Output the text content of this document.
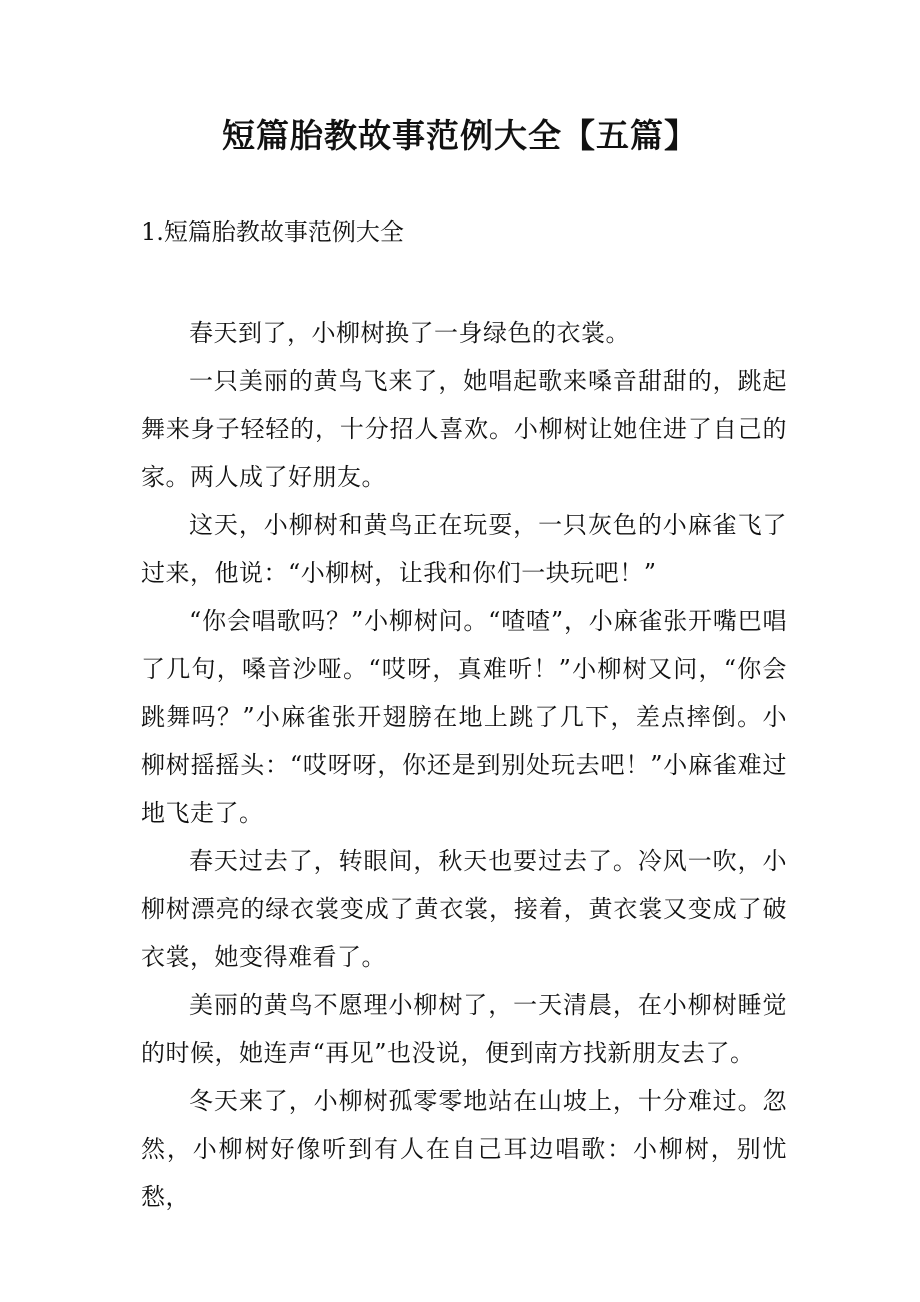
短篇胎教故事范例大全【五篇】
1.短篇胎教故事范例大全

春天到了，小柳树换了一身绿色的衣裳。

一只美丽的黄鸟飞来了，她唱起歌来嗓音甜甜的，跳起舞来身子轻轻的，十分招人喜欢。小柳树让她住进了自己的家。两人成了好朋友。

这天，小柳树和黄鸟正在玩耍，一只灰色的小麻雀飞了过来，他说：“小柳树，让我和你们一块玩吧！”

“你会唱歌吗？”小柳树问。“喳喳”，小麻雀张开嘴巴唱了几句，嗓音沙哑。“哎呀，真难听！”小柳树又问，“你会跳舞吗？”小麻雀张开翅膀在地上跳了几下，差点摔倒。小柳树摇摇头：“哎呀呀，你还是到别处玩去吧！”小麻雀难过地飞走了。

春天过去了，转眼间，秋天也要过去了。冷风一吹，小柳树漂亮的绿衣裳变成了黄衣裳，接着，黄衣裳又变成了破衣裳，她变得难看了。

美丽的黄鸟不愿理小柳树了，一天清晨，在小柳树睡觉的时候，她连声“再见”也没说，便到南方找新朋友去了。

冬天来了，小柳树孤零零地站在山坡上，十分难过。忽然，小柳树好像听到有人在自己耳边唱歌：小柳树，别忧愁，
